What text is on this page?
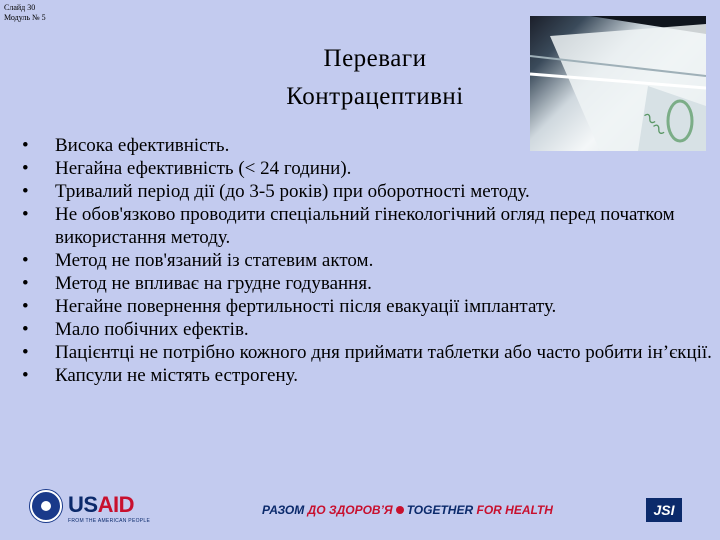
Слайд 30
Модуль № 5
Переваги
Контрацептивні
~~
• Висока ефективність.
• Негайна ефективність (< 24 години).
• Тривалий період дії (до 3-5 років) при оборотності методу.
• Не обов'язково проводити спеціальний гінекологічний огляд перед початком використання методу.
• Метод не пов'язаний із статевим актом.
• Метод не впливає на грудне годування.
• Негайне повернення фертильності після евакуації імплантату.
• Мало побічних ефектів.
• Пацієнтці не потрібно кожного дня приймати таблетки або часто робити ін’єкції.
• Капсули не містять естрогену.
USAID
FROM THE AMERICAN PEOPLE
РАЗОМ ДО ЗДОРОВ’Я TOGETHER FOR HEALTH	JSI
